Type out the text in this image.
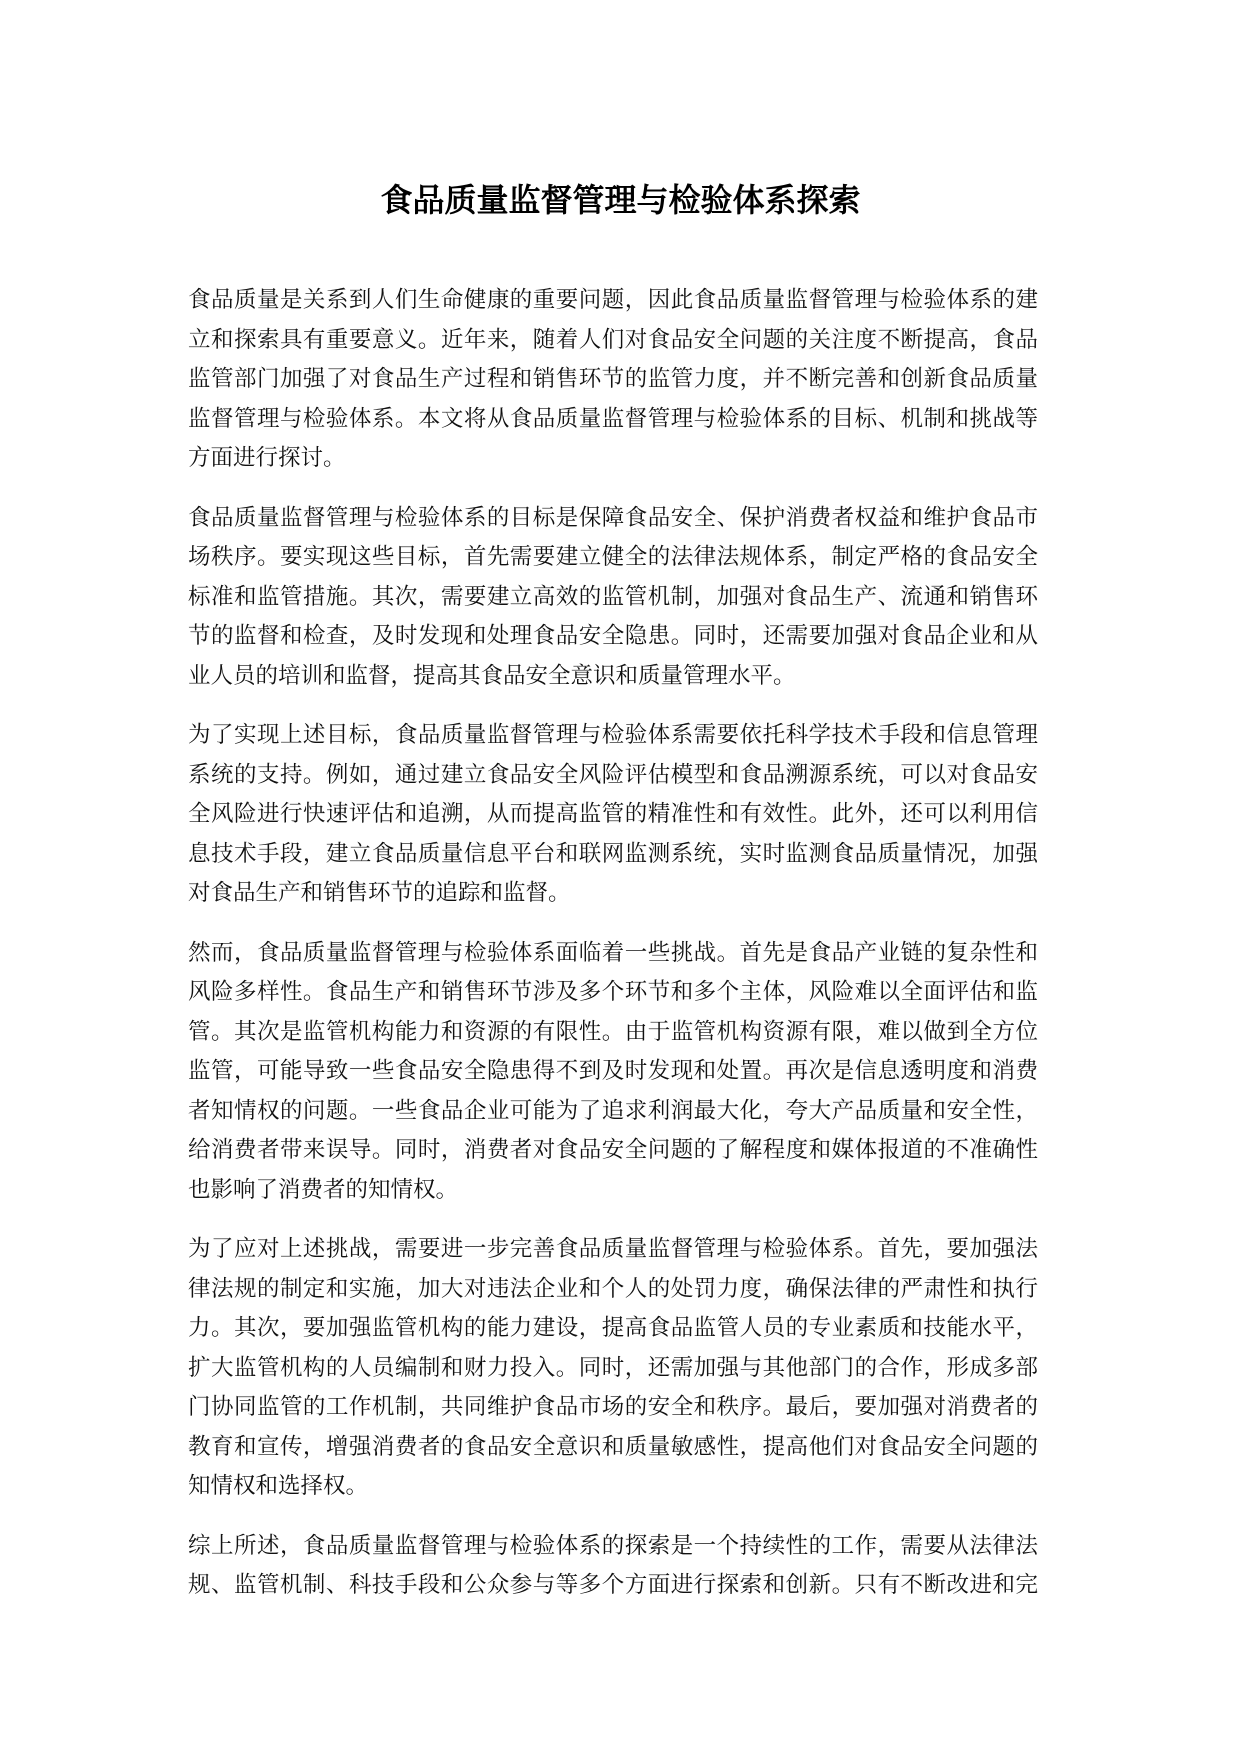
食品质量监督管理与检验体系探索
食品质量是关系到人们生命健康的重要问题，因此食品质量监督管理与检验体系的建
立和探索具有重要意义。近年来，随着人们对食品安全问题的关注度不断提高，食品
监管部门加强了对食品生产过程和销售环节的监管力度，并不断完善和创新食品质量
监督管理与检验体系。本文将从食品质量监督管理与检验体系的目标、机制和挑战等
方面进行探讨。
食品质量监督管理与检验体系的目标是保障食品安全、保护消费者权益和维护食品市
场秩序。要实现这些目标，首先需要建立健全的法律法规体系，制定严格的食品安全
标准和监管措施。其次，需要建立高效的监管机制，加强对食品生产、流通和销售环
节的监督和检查，及时发现和处理食品安全隐患。同时，还需要加强对食品企业和从
业人员的培训和监督，提高其食品安全意识和质量管理水平。
为了实现上述目标，食品质量监督管理与检验体系需要依托科学技术手段和信息管理
系统的支持。例如，通过建立食品安全风险评估模型和食品溯源系统，可以对食品安
全风险进行快速评估和追溯，从而提高监管的精准性和有效性。此外，还可以利用信
息技术手段，建立食品质量信息平台和联网监测系统，实时监测食品质量情况，加强
对食品生产和销售环节的追踪和监督。
然而，食品质量监督管理与检验体系面临着一些挑战。首先是食品产业链的复杂性和
风险多样性。食品生产和销售环节涉及多个环节和多个主体，风险难以全面评估和监
管。其次是监管机构能力和资源的有限性。由于监管机构资源有限，难以做到全方位
监管，可能导致一些食品安全隐患得不到及时发现和处置。再次是信息透明度和消费
者知情权的问题。一些食品企业可能为了追求利润最大化，夸大产品质量和安全性，
给消费者带来误导。同时，消费者对食品安全问题的了解程度和媒体报道的不准确性
也影响了消费者的知情权。
为了应对上述挑战，需要进一步完善食品质量监督管理与检验体系。首先，要加强法
律法规的制定和实施，加大对违法企业和个人的处罚力度，确保法律的严肃性和执行
力。其次，要加强监管机构的能力建设，提高食品监管人员的专业素质和技能水平，
扩大监管机构的人员编制和财力投入。同时，还需加强与其他部门的合作，形成多部
门协同监管的工作机制，共同维护食品市场的安全和秩序。最后，要加强对消费者的
教育和宣传，增强消费者的食品安全意识和质量敏感性，提高他们对食品安全问题的
知情权和选择权。
综上所述，食品质量监督管理与检验体系的探索是一个持续性的工作，需要从法律法
规、监管机制、科技手段和公众参与等多个方面进行探索和创新。只有不断改进和完
